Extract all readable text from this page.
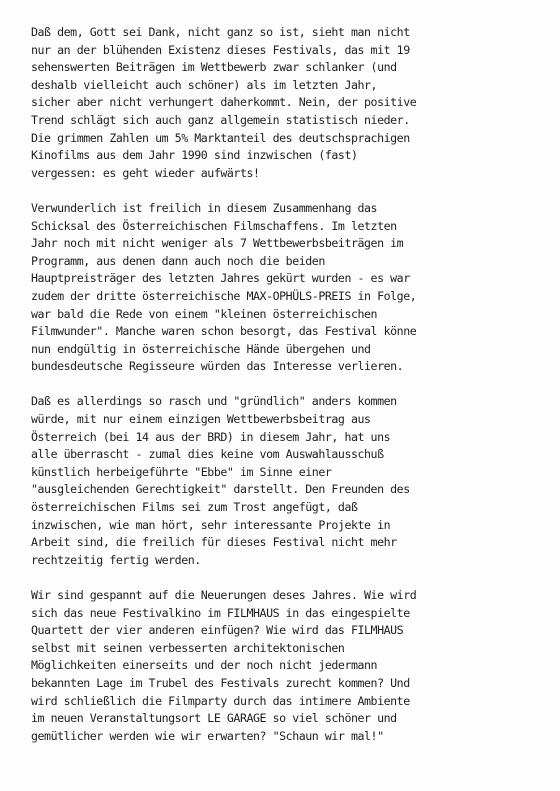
Daß dem, Gott sei Dank, nicht ganz so ist, sieht man nicht
nur an der blühenden Existenz dieses Festivals, das mit 19
sehenswerten Beiträgen im Wettbewerb zwar schlanker (und
deshalb vielleicht auch schöner) als im letzten Jahr,
sicher aber nicht verhungert daherkommt. Nein, der positive
Trend schlägt sich auch ganz allgemein statistisch nieder.
Die grimmen Zahlen um 5% Marktanteil des deutschsprachigen
Kinofilms aus dem Jahr 1990 sind inzwischen (fast)
vergessen: es geht wieder aufwärts!

Verwunderlich ist freilich in diesem Zusammenhang das
Schicksal des Österreichischen Filmschaffens. Im letzten
Jahr noch mit nicht weniger als 7 Wettbewerbsbeiträgen im
Programm, aus denen dann auch noch die beiden
Hauptpreisträger des letzten Jahres gekürt wurden - es war
zudem der dritte österreichische MAX-OPHÜLS-PREIS in Folge,
war bald die Rede von einem "kleinen österreichischen
Filmwunder". Manche waren schon besorgt, das Festival könne
nun endgültig in österreichische Hände übergehen und
bundesdeutsche Regisseure würden das Interesse verlieren.

Daß es allerdings so rasch und "gründlich" anders kommen
würde, mit nur einem einzigen Wettbewerbsbeitrag aus
Österreich (bei 14 aus der BRD) in diesem Jahr, hat uns
alle überrascht - zumal dies keine vom Auswahlausschuß
künstlich herbeigeführte "Ebbe" im Sinne einer
"ausgleichenden Gerechtigkeit" darstellt. Den Freunden des
österreichischen Films sei zum Trost angefügt, daß
inzwischen, wie man hört, sehr interessante Projekte in
Arbeit sind, die freilich für dieses Festival nicht mehr
rechtzeitig fertig werden.

Wir sind gespannt auf die Neuerungen deses Jahres. Wie wird
sich das neue Festivalkino im FILMHAUS in das eingespielte
Quartett der vier anderen einfügen? Wie wird das FILMHAUS
selbst mit seinen verbesserten architektonischen
Möglichkeiten einerseits und der noch nicht jedermann
bekannten Lage im Trubel des Festivals zurecht kommen? Und
wird schließlich die Filmparty durch das intimere Ambiente
im neuen Veranstaltungsort LE GARAGE so viel schöner und
gemütlicher werden wie wir erwarten? "Schaun wir mal!"
